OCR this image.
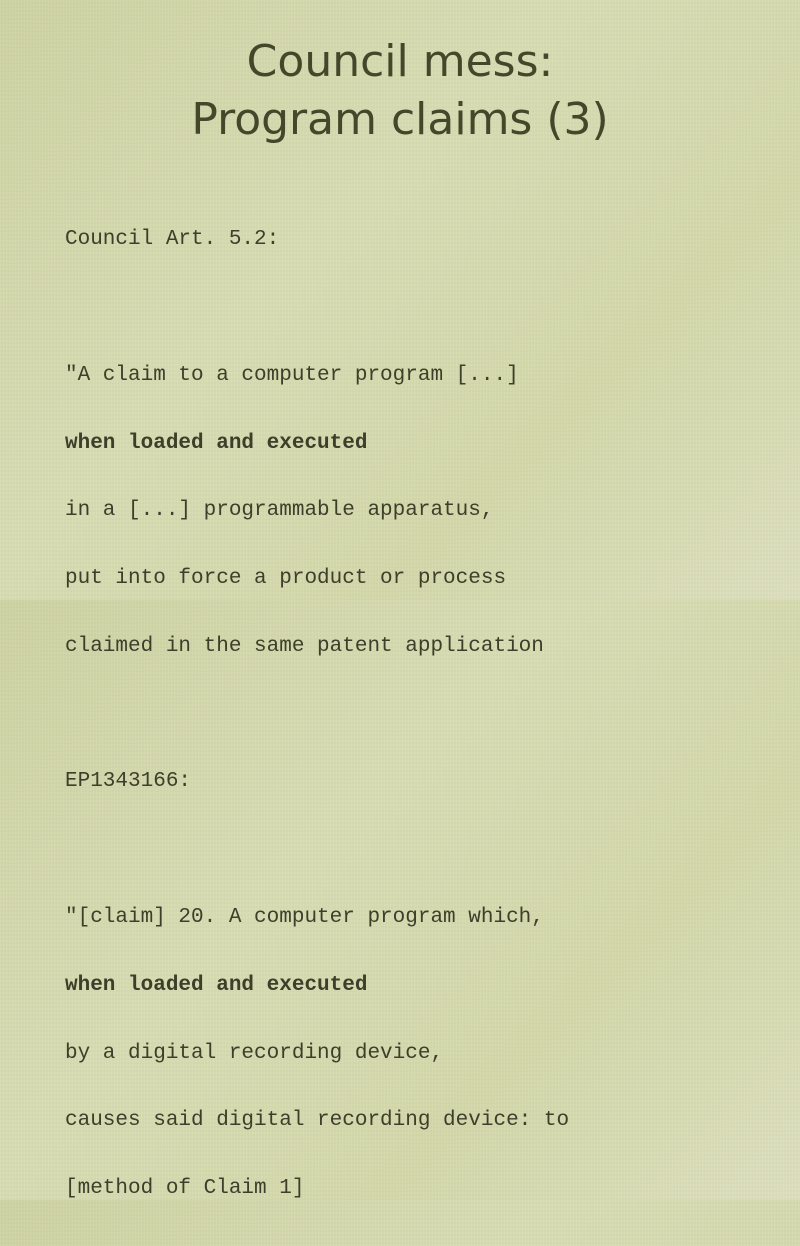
Council mess:
Program claims (3)

Council Art. 5.2:

"A claim to a computer program [...]

when loaded and executed

in a [...] programmable apparatus,

put into force a product or process

claimed in the same patent application

EP1343166:

"[claim] 20. A computer program which,

when loaded and executed

by a digital recording device,

causes said digital recording device: to

[method of Claim 1]
